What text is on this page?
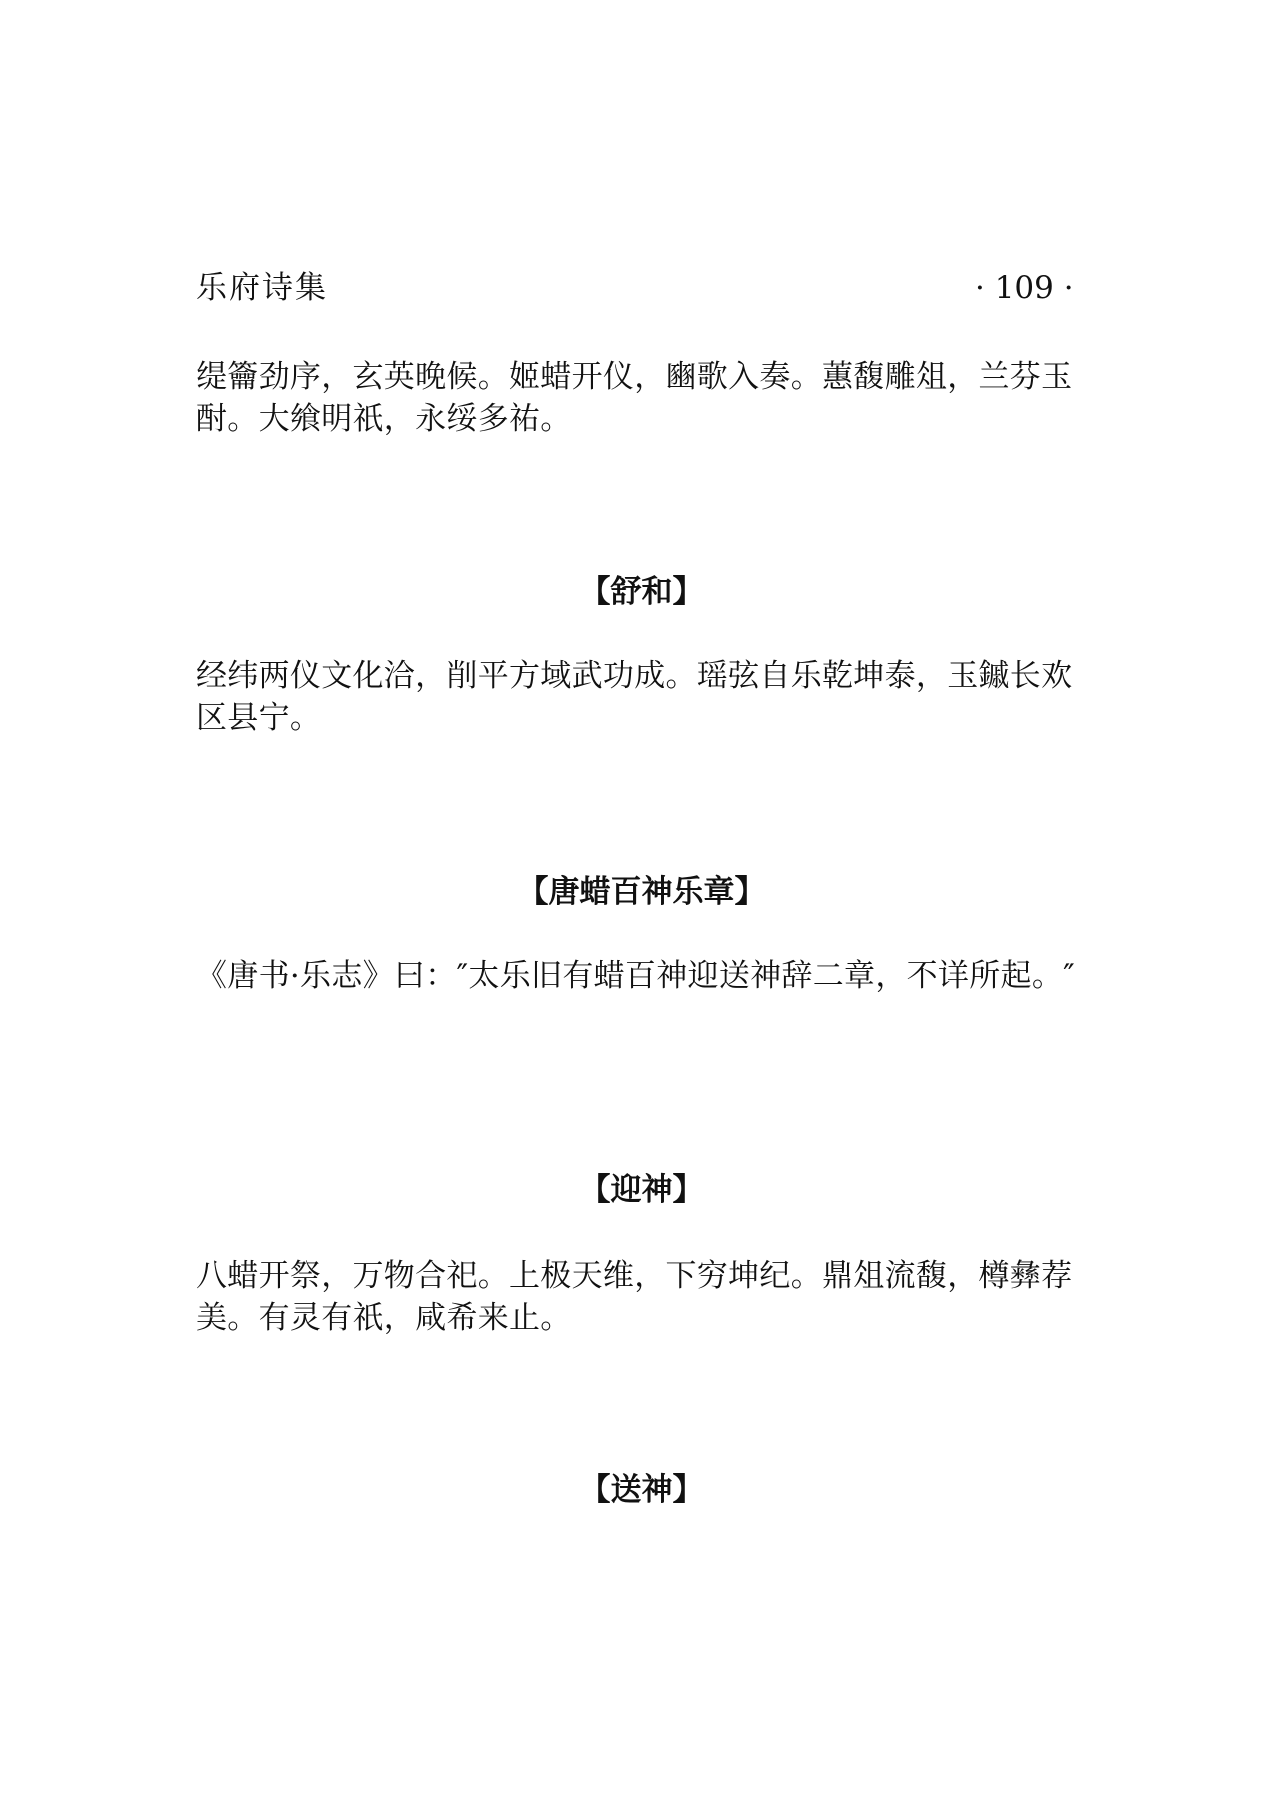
乐府诗集	· 109 ·

缇籥劲序，玄英晚候。姬蜡开仪，豳歌入奏。蕙馥雕俎，兰芬玉酎。大飨明祇，永绥多祐。

【舒和】

经纬两仪文化洽，削平方域武功成。瑶弦自乐乾坤泰，玉鏚长欢区县宁。

【唐蜡百神乐章】

《唐书·乐志》曰：″太乐旧有蜡百神迎送神辞二章，不详所起。″

【迎神】

八蜡开祭，万物合祀。上极天维，下穷坤纪。鼎俎流馥，樽彝荐美。有灵有祇，咸希来止。

【送神】
